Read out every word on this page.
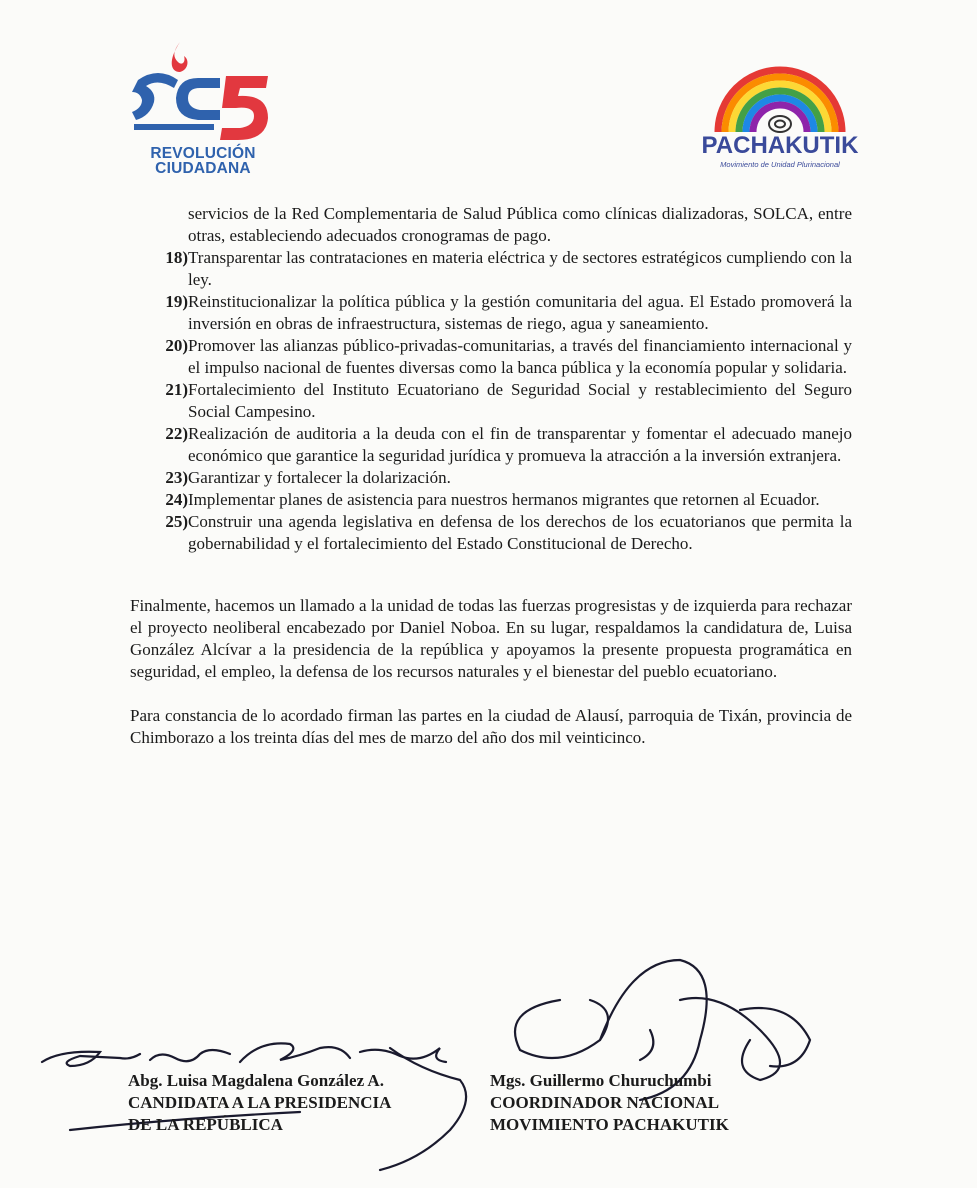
REVOLUCIÓN
CIUDADANA
PACHAKUTIK
Movimiento de Unidad Plurinacional

servicios de la Red Complementaria de Salud Pública como clínicas dializadoras, SOLCA, entre otras, estableciendo adecuados cronogramas de pago.

18) Transparentar las contrataciones en materia eléctrica y de sectores estratégicos cumpliendo con la ley.
19) Reinstitucionalizar la política pública y la gestión comunitaria del agua. El Estado promoverá la inversión en obras de infraestructura, sistemas de riego, agua y saneamiento.
20) Promover las alianzas público-privadas-comunitarias, a través del financiamiento internacional y el impulso nacional de fuentes diversas como la banca pública y la economía popular y solidaria.
21) Fortalecimiento del Instituto Ecuatoriano de Seguridad Social y restablecimiento del Seguro Social Campesino.
22) Realización de auditoria a la deuda con el fin de transparentar y fomentar el adecuado manejo económico que garantice la seguridad jurídica y promueva la atracción a la inversión extranjera.
23) Garantizar y fortalecer la dolarización.
24) Implementar planes de asistencia para nuestros hermanos migrantes que retornen al Ecuador.
25) Construir una agenda legislativa en defensa de los derechos de los ecuatorianos que permita la gobernabilidad y el fortalecimiento del Estado Constitucional de Derecho.

Finalmente, hacemos un llamado a la unidad de todas las fuerzas progresistas y de izquierda para rechazar el proyecto neoliberal encabezado por Daniel Noboa. En su lugar, respaldamos la candidatura de, Luisa González Alcívar a la presidencia de la república y apoyamos la presente propuesta programática en seguridad, el empleo, la defensa de los recursos naturales y el bienestar del pueblo ecuatoriano.

Para constancia de lo acordado firman las partes en la ciudad de Alausí, parroquia de Tixán, provincia de Chimborazo a los treinta días del mes de marzo del año dos mil veinticinco.

Abg. Luisa Magdalena González A.
CANDIDATA A LA PRESIDENCIA
DE LA REPÚBLICA
Mgs. Guillermo Churuchumbi
COORDINADOR NACIONAL
MOVIMIENTO PACHAKUTIK
